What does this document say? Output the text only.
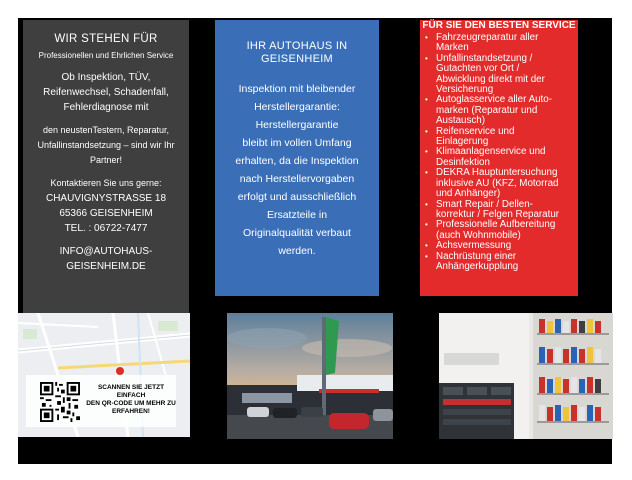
WIR STEHEN FÜR
Professionellen und Ehrlichen Service
Ob Inspektion, TÜV,
Reifenwechsel, Schadenfall,
Fehlerdiagnose mit
den neustenTestern, Reparatur,
Unfallinstandsetzung – sind wir Ihr
Partner!
Kontaktieren Sie uns gerne:
CHAUVIGNYSTRASSE 18
65366 GEISENHEIM
TEL. : 06722-7477
INFO@AUTOHAUS-
GEISENHEIM.DE
IHR AUTOHAUS IN
GEISENHEIM
Inspektion mit bleibender
Herstellergarantie:
Herstellergarantie
bleibt im vollen Umfang
erhalten, da die Inspektion
nach Herstellervorgaben
erfolgt und ausschließlich
Ersatzteile in
Originalqualität verbaut
werden.
FÜR SIE DEN BESTEN SERVICE
• Fahrzeugreparatur aller
Marken
• Unfallinstandsetzung /
Gutachten vor Ort /
Abwicklung direkt mit der
Versicherung
• Autoglasservice aller Auto-
marken (Reparatur und
Austausch)
• Reifenservice und
Einlagerung
• Klimaanlagenservice und
Desinfektion
• DEKRA Hauptuntersuchung
inklusive AU (KFZ, Motorrad
und Anhänger)
• Smart Repair / Dellen-
korrektur / Felgen Reparatur
• Professionelle Aufbereitung
(auch Wohnmobile)
• Achsvermessung
• Nachrüstung einer
Anhängerkupplung
SCANNEN SIE JETZT EINFACH
DEN QR-CODE UM MEHR ZU
ERFAHREN!
